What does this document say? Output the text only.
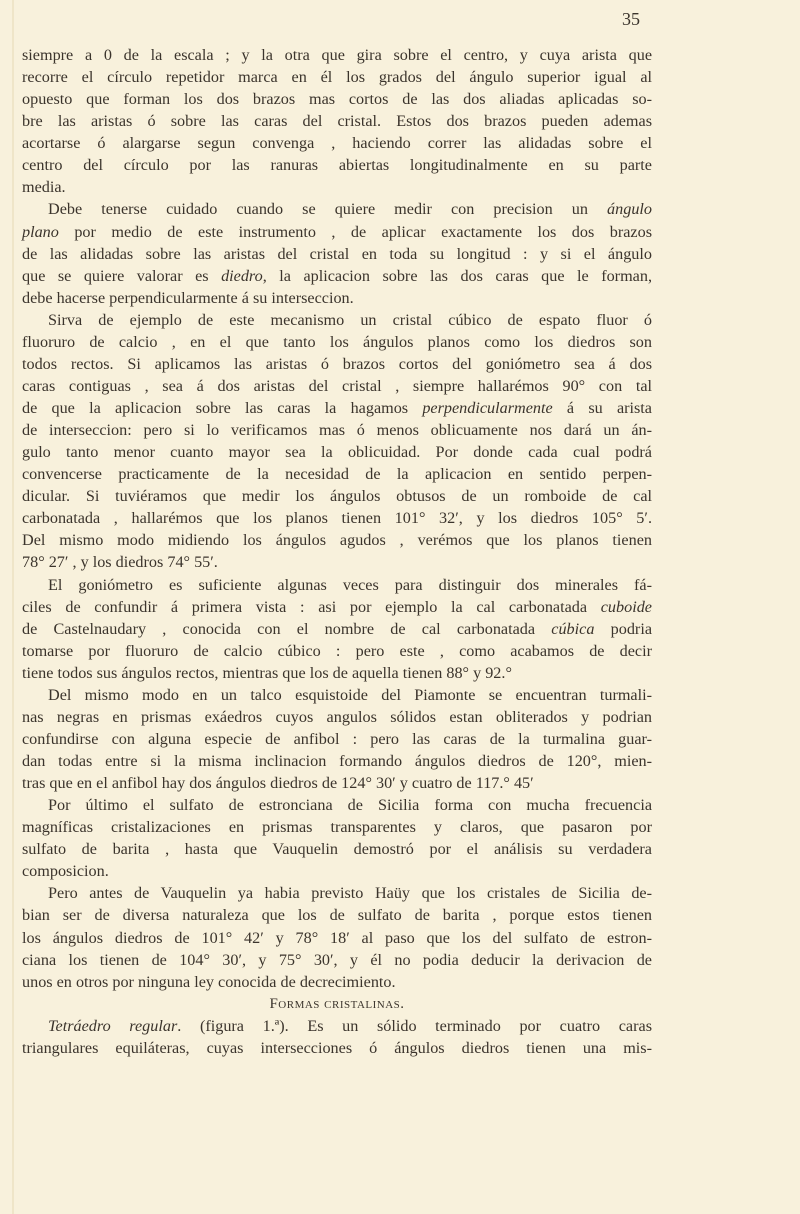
35
siempre a 0 de la escala ; y la otra que gira sobre el centro, y cuya arista que
recorre el círculo repetidor marca en él los grados del ángulo superior igual al
opuesto que forman los dos brazos mas cortos de las dos aliadas aplicadas so-
bre las aristas ó sobre las caras del cristal. Estos dos brazos pueden ademas
acortarse ó alargarse segun convenga , haciendo correr las alidadas sobre el
centro del círculo por las ranuras abiertas longitudinalmente en su parte
media.
Debe tenerse cuidado cuando se quiere medir con precision un ángulo
plano por medio de este instrumento , de aplicar exactamente los dos brazos
de las alidadas sobre las aristas del cristal en toda su longitud : y si el ángulo
que se quiere valorar es diedro, la aplicacion sobre las dos caras que le forman,
debe hacerse perpendicularmente á su interseccion.
Sirva de ejemplo de este mecanismo un cristal cúbico de espato fluor ó
fluoruro de calcio , en el que tanto los ángulos planos como los diedros son
todos rectos. Si aplicamos las aristas ó brazos cortos del goniómetro sea á dos
caras contiguas , sea á dos aristas del cristal , siempre hallarémos 90° con tal
de que la aplicacion sobre las caras la hagamos perpendicularmente á su arista
de interseccion: pero si lo verificamos mas ó menos oblicuamente nos dará un án-
gulo tanto menor cuanto mayor sea la oblicuidad. Por donde cada cual podrá
convencerse practicamente de la necesidad de la aplicacion en sentido perpen-
dicular. Si tuviéramos que medir los ángulos obtusos de un romboide de cal
carbonatada , hallarémos que los planos tienen 101° 32′, y los diedros 105° 5′.
Del mismo modo midiendo los ángulos agudos , verémos que los planos tienen
78° 27′ , y los diedros 74° 55′.
El goniómetro es suficiente algunas veces para distinguir dos minerales fá-
ciles de confundir á primera vista : asi por ejemplo la cal carbonatada cuboide
de Castelnaudary , conocida con el nombre de cal carbonatada cúbica podria
tomarse por fluoruro de calcio cúbico : pero este , como acabamos de decir
tiene todos sus ángulos rectos, mientras que los de aquella tienen 88° y 92.°
Del mismo modo en un talco esquistoide del Piamonte se encuentran turmali-
nas negras en prismas exáedros cuyos angulos sólidos estan obliterados y podrian
confundirse con alguna especie de anfibol : pero las caras de la turmalina guar-
dan todas entre si la misma inclinacion formando ángulos diedros de 120°, mien-
tras que en el anfibol hay dos ángulos diedros de 124° 30′ y cuatro de 117.° 45′
Por último el sulfato de estronciana de Sicilia forma con mucha frecuencia
magníficas cristalizaciones en prismas transparentes y claros, que pasaron por
sulfato de barita , hasta que Vauquelin demostró por el análisis su verdadera
composicion.
Pero antes de Vauquelin ya habia previsto Haüy que los cristales de Sicilia de-
bian ser de diversa naturaleza que los de sulfato de barita , porque estos tienen
los ángulos diedros de 101° 42′ y 78° 18′ al paso que los del sulfato de estron-
ciana los tienen de 104° 30′, y 75° 30′, y él no podia deducir la derivacion de
unos en otros por ninguna ley conocida de decrecimiento.
Formas cristalinas.
Tetráedro regular. (figura 1.ª). Es un sólido terminado por cuatro caras
triangulares equiláteras, cuyas intersecciones ó ángulos diedros tienen una mis-
